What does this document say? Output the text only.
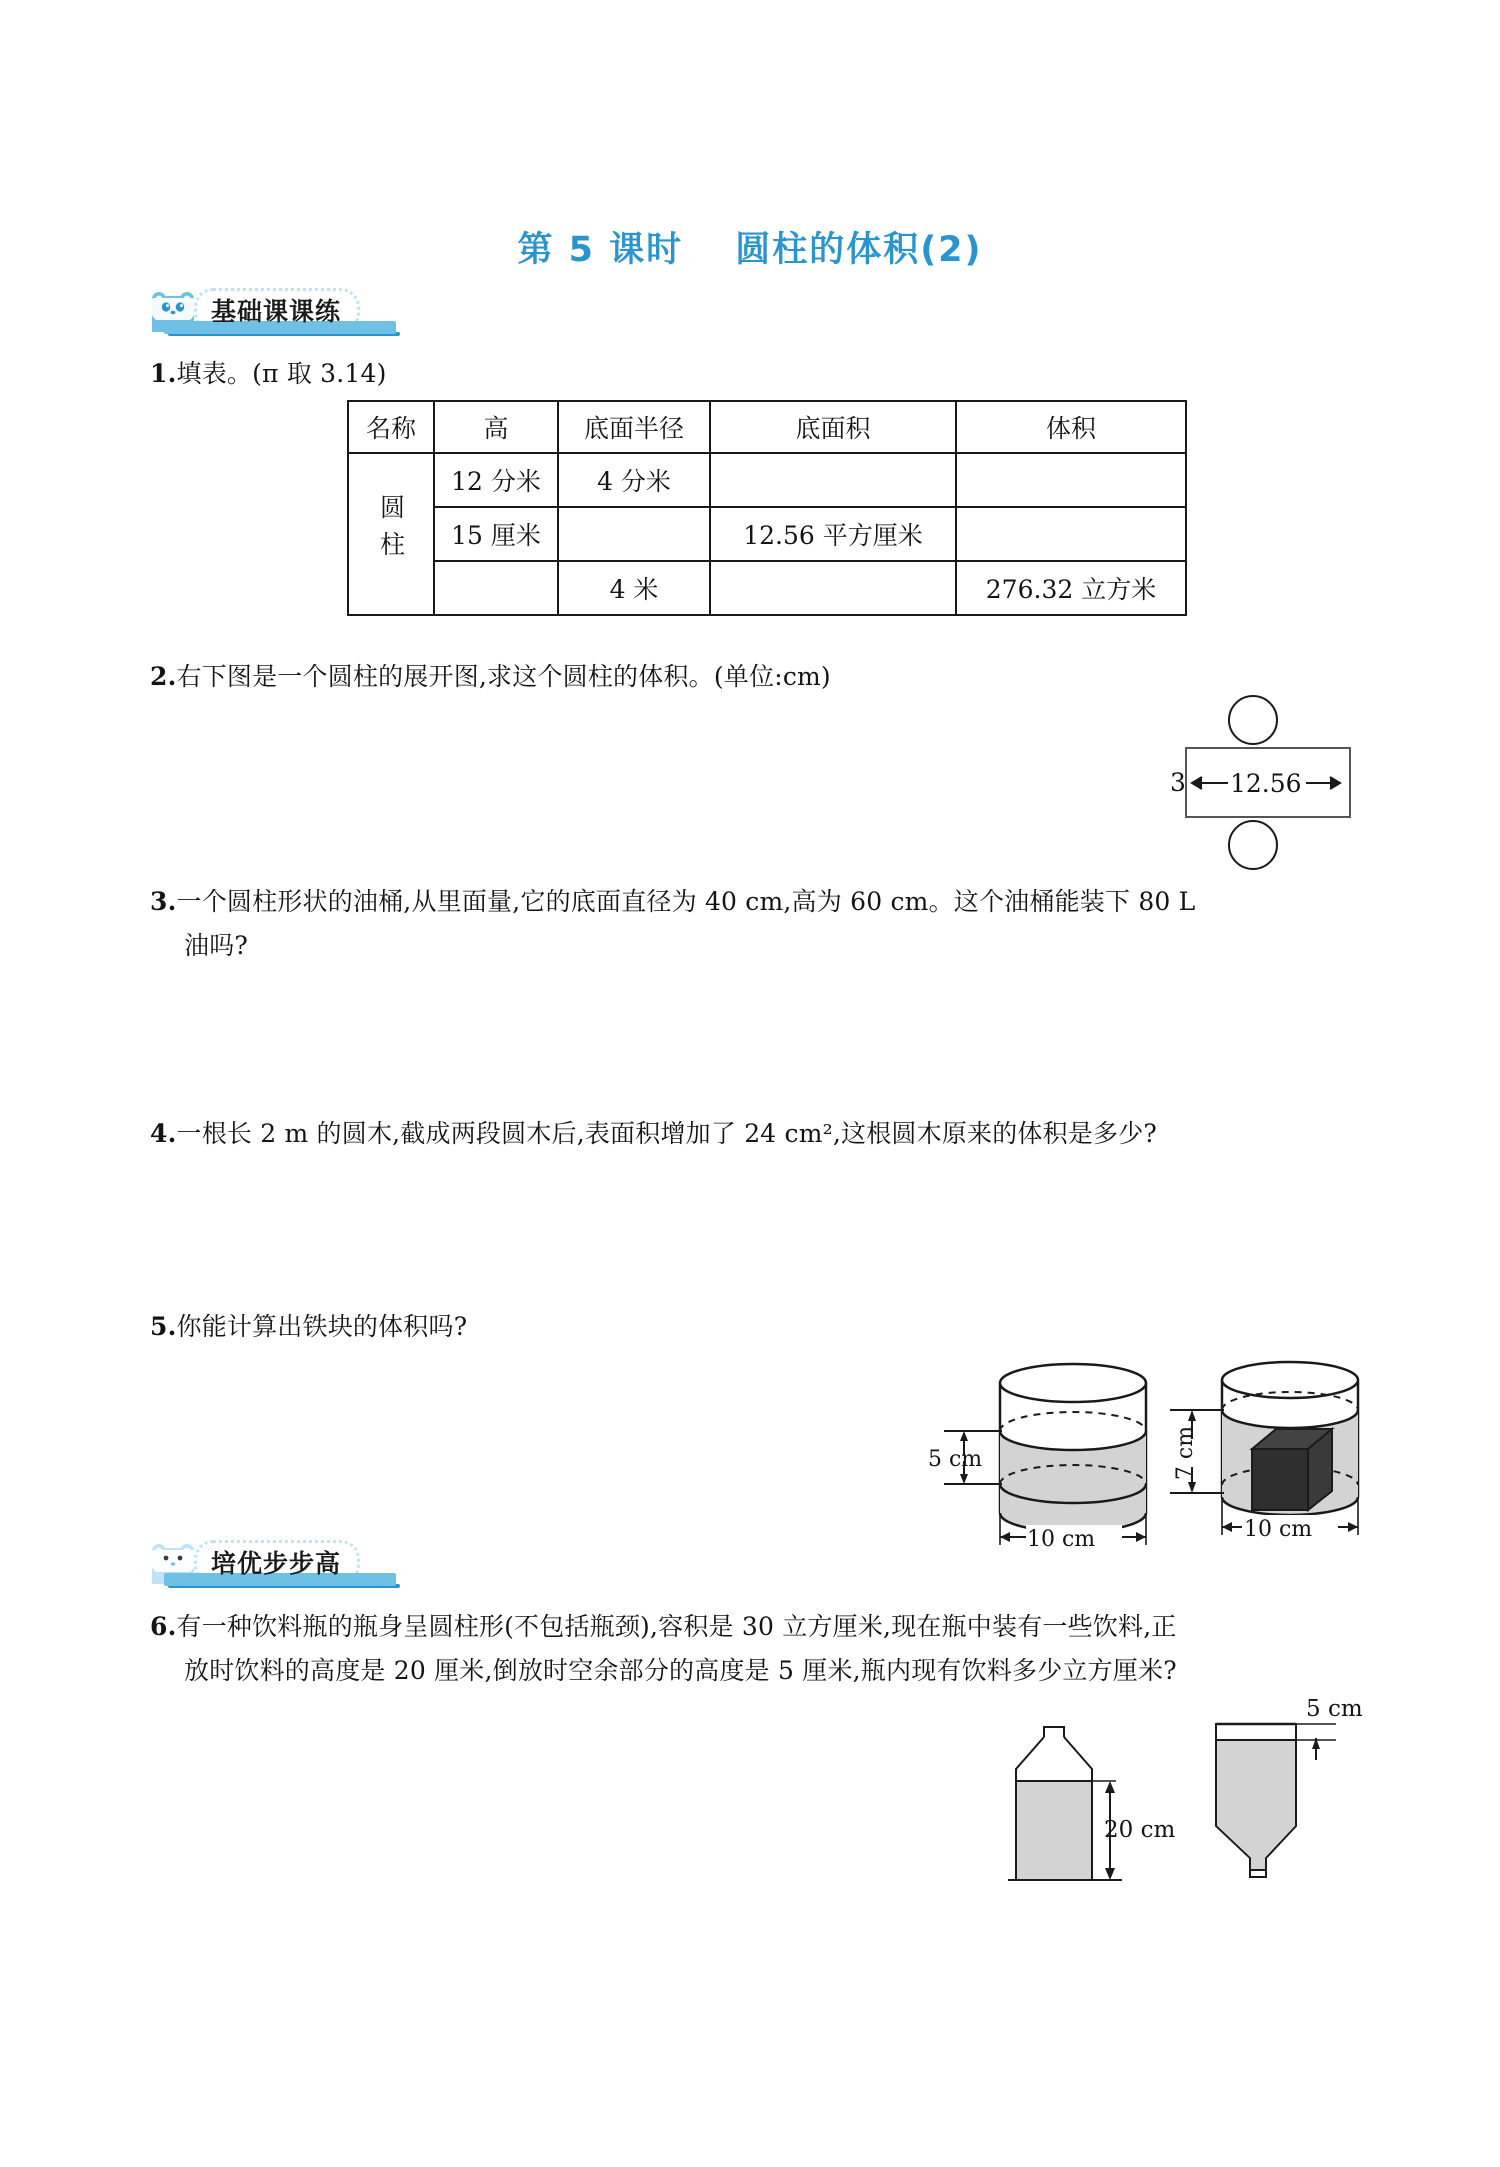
第 5 课时 圆柱的体积(2)
基础课课练
1.填表。(π 取 3.14)
名称	高	底面半径	底面积	体积
圆柱	12 分米	4 分米		
	15 厘米		12.56 平方厘米	
		4 米		276.32 立方米
2.右下图是一个圆柱的展开图,求这个圆柱的体积。(单位:cm)
3 12.56
3.一个圆柱形状的油桶,从里面量,它的底面直径为 40 cm,高为 60 cm。这个油桶能装下 80 L
油吗?
4.一根长 2 m 的圆木,截成两段圆木后,表面积增加了 24 cm²,这根圆木原来的体积是多少?
5.你能计算出铁块的体积吗?
5 cm
10 cm
7 cm
10 cm
培优步步高
6.有一种饮料瓶的瓶身呈圆柱形(不包括瓶颈),容积是 30 立方厘米,现在瓶中装有一些饮料,正
放时饮料的高度是 20 厘米,倒放时空余部分的高度是 5 厘米,瓶内现有饮料多少立方厘米?
20 cm
5 cm
